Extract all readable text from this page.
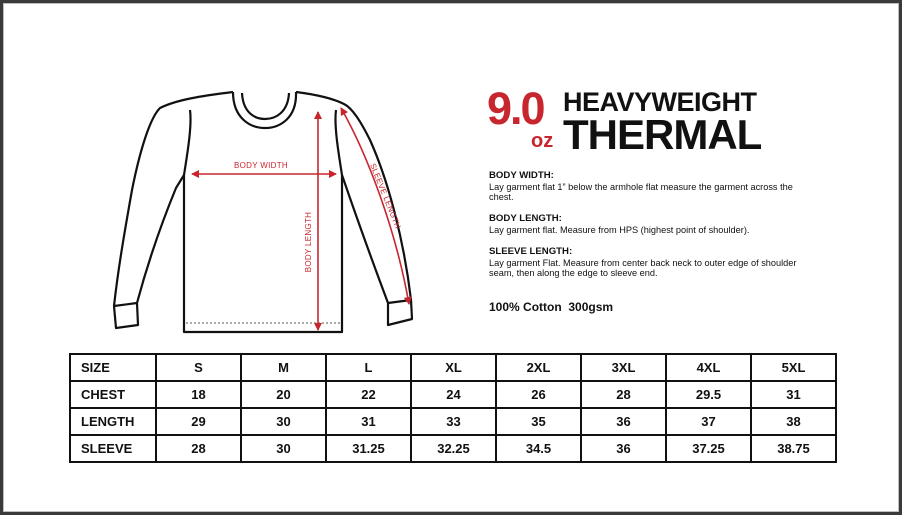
BODY WIDTH
BODY LENGTH
SLEEVE LENGTH
9.0
oz
HEAVYWEIGHT
THERMAL
BODY WIDTH:
Lay garment flat 1” below the armhole flat measure the garment across the chest.
BODY LENGTH:
Lay garment flat. Measure from HPS (highest point of shoulder).
SLEEVE LENGTH:
Lay garment Flat. Measure from center back neck to outer edge of shoulder seam, then along the edge to sleeve end.
100% Cotton  300gsm
SIZE	S	M	L	XL	2XL	3XL	4XL	5XL
CHEST	18	20	22	24	26	28	29.5	31
LENGTH	29	30	31	33	35	36	37	38
SLEEVE	28	30	31.25	32.25	34.5	36	37.25	38.75
